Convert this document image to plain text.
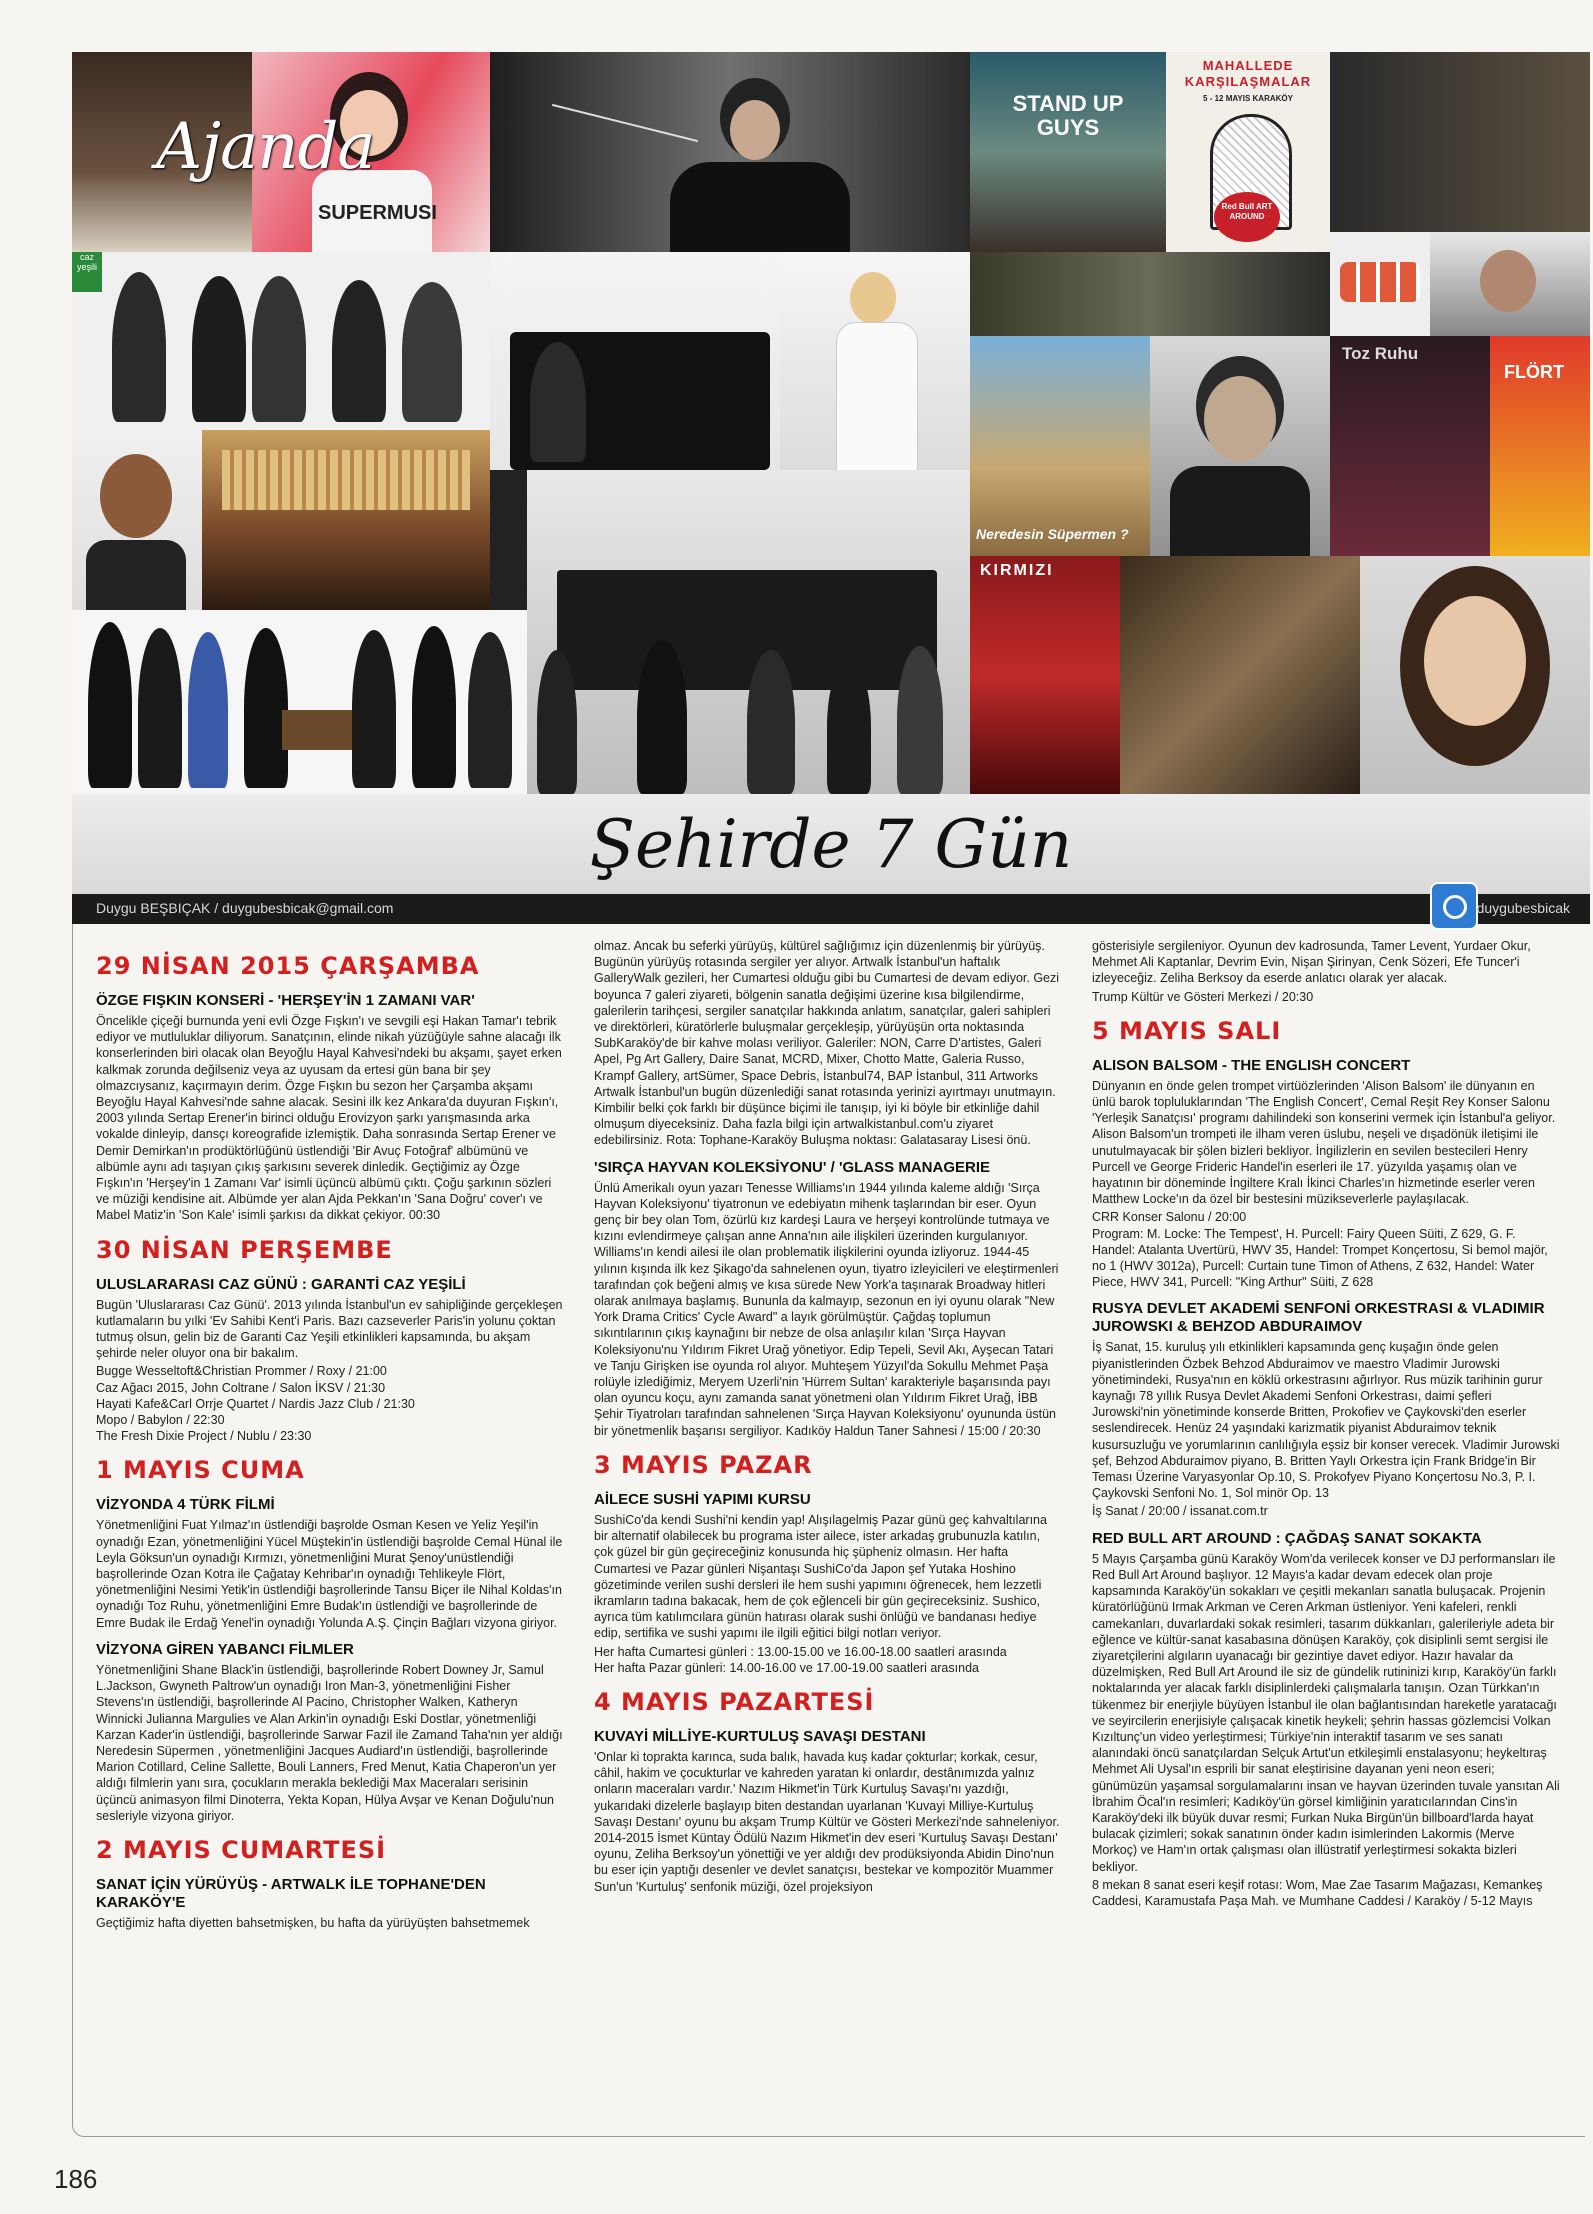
SUPERMUSI
STAND UP GUYS
MAHALLEDE KARŞILAŞMALAR
5 - 12 MAYIS KARAKÖY
Red Bull ART AROUND
caz yeşili
Neredesin Süpermen ?
Toz Ruhu
FLÖRT
KIRMIZI
Ajanda
Şehirde 7 Gün
Duygu BEŞBIÇAK / duygubesbicak@gmail.com	duygubesbicak
29 NİSAN 2015 ÇARŞAMBA
ÖZGE FIŞKIN KONSERİ - 'HERŞEY'İN 1 ZAMANI VAR'
Öncelikle çiçeği burnunda yeni evli Özge Fışkın'ı ve sevgili eşi Hakan Tamar'ı tebrik ediyor ve mutluluklar diliyorum. Sanatçının, elinde nikah yüzüğüyle sahne alacağı ilk konserlerinden biri olacak olan Beyoğlu Hayal Kahvesi'ndeki bu akşamı, şayet erken kalkmak zorunda değilseniz veya az uyusam da ertesi gün bana bir şey olmazcıysanız, kaçırmayın derim. Özge Fışkın bu sezon her Çarşamba akşamı Beyoğlu Hayal Kahvesi'nde sahne alacak. Sesini ilk kez Ankara'da duyuran Fışkın'ı, 2003 yılında Sertap Erener'in birinci olduğu Erovizyon şarkı yarışmasında arka vokalde dinleyip, dansçı koreografide izlemiştik. Daha sonrasında Sertap Erener ve Demir Demirkan'ın prodüktörlüğünü üstlendiği 'Bir Avuç Fotoğraf' albümünü ve albümle aynı adı taşıyan çıkış şarkısını severek dinledik. Geçtiğimiz ay Özge Fışkın'ın 'Herşey'in 1 Zamanı Var' isimli üçüncü albümü çıktı. Çoğu şarkının sözleri ve müziği kendisine ait. Albümde yer alan Ajda Pekkan'ın 'Sana Doğru' cover'ı ve Mabel Matiz'in 'Son Kale' isimli şarkısı da dikkat çekiyor. 00:30
30 NİSAN PERŞEMBE
ULUSLARARASI CAZ GÜNÜ : GARANTİ CAZ YEŞİLİ
Bugün 'Uluslararası Caz Günü'. 2013 yılında İstanbul'un ev sahipliğinde gerçekleşen kutlamaların bu yılki 'Ev Sahibi Kent'i Paris. Bazı cazseverler Paris'in yolunu çoktan tutmuş olsun, gelin biz de Garanti Caz Yeşili etkinlikleri kapsamında, bu akşam şehirde neler oluyor ona bir bakalım.
Bugge Wesseltoft&Christian Prommer / Roxy / 21:00
Caz Ağacı 2015, John Coltrane / Salon İKSV / 21:30
Hayati Kafe&Carl Orrje Quartet / Nardis Jazz Club / 21:30
Mopo / Babylon / 22:30
The Fresh Dixie Project / Nublu / 23:30
1 MAYIS CUMA
VİZYONDA 4 TÜRK FİLMİ
Yönetmenliğini Fuat Yılmaz'ın üstlendiği başrolde Osman Kesen ve Yeliz Yeşil'in oynadığı Ezan, yönetmenliğini Yücel Müştekin'in üstlendiği başrolde Cemal Hünal ile Leyla Göksun'un oynadığı Kırmızı, yönetmenliğini Murat Şenoy'unüstlendiği başrollerinde Ozan Kotra ile Çağatay Kehribar'ın oynadığı Tehlikeyle Flört, yönetmenliğini Nesimi Yetik'in üstlendiği başrollerinde Tansu Biçer ile Nihal Koldas'ın oynadığı Toz Ruhu, yönetmenliğini Emre Budak'ın üstlendiği ve başrollerinde de Emre Budak ile Erdağ Yenel'in oynadığı Yolunda A.Ş. Çinçin Bağları vizyona giriyor.
VİZYONA GİREN YABANCI FİLMLER
Yönetmenliğini Shane Black'in üstlendiği, başrollerinde Robert Downey Jr, Samul L.Jackson, Gwyneth Paltrow'un oynadığı Iron Man-3, yönetmenliğini Fisher Stevens'ın üstlendiği, başrollerinde Al Pacino, Christopher Walken, Katheryn Winnicki Julianna Margulies ve Alan Arkin'in oynadığı Eski Dostlar, yönetmenliği Karzan Kader'in üstlendiği, başrollerinde Sarwar Fazil ile Zamand Taha'nın yer aldığı Neredesin Süpermen , yönetmenliğini Jacques Audiard'ın üstlendiği, başrollerinde Marion Cotillard, Celine Sallette, Bouli Lanners, Fred Menut, Katia Chaperon'un yer aldığı filmlerin yanı sıra, çocukların merakla beklediği Max Maceraları serisinin üçüncü animasyon filmi Dinoterra, Yekta Kopan, Hülya Avşar ve Kenan Doğulu'nun sesleriyle vizyona giriyor.
2 MAYIS CUMARTESİ
SANAT İÇİN YÜRÜYÜŞ - ARTWALK İLE TOPHANE'DEN KARAKÖY'E
Geçtiğimiz hafta diyetten bahsetmişken, bu hafta da yürüyüşten bahsetmemek
olmaz. Ancak bu seferki yürüyüş, kültürel sağlığımız için düzenlenmiş bir yürüyüş. Bugünün yürüyüş rotasında sergiler yer alıyor. Artwalk İstanbul'un haftalık GalleryWalk gezileri, her Cumartesi olduğu gibi bu Cumartesi de devam ediyor. Gezi boyunca 7 galeri ziyareti, bölgenin sanatla değişimi üzerine kısa bilgilendirme, galerilerin tarihçesi, sergiler sanatçılar hakkında anlatım, sanatçılar, galeri sahipleri ve direktörleri, küratörlerle buluşmalar gerçekleşip, yürüyüşün orta noktasında SubKaraköy'de bir kahve molası veriliyor. Galeriler: NON, Carre D'artistes, Galeri Apel, Pg Art Gallery, Daire Sanat, MCRD, Mixer, Chotto Matte, Galeria Russo, Krampf Gallery, artSümer, Space Debris, İstanbul74, BAP İstanbul, 311 Artworks Artwalk İstanbul'un bugün düzenlediği sanat rotasında yerinizi ayırtmayı unutmayın. Kimbilir belki çok farklı bir düşünce biçimi ile tanışıp, iyi ki böyle bir etkinliğe dahil olmuşum diyeceksiniz. Daha fazla bilgi için artwalkistanbul.com'u ziyaret edebilirsiniz. Rota: Tophane-Karaköy Buluşma noktası: Galatasaray Lisesi önü.
'SIRÇA HAYVAN KOLEKSİYONU' / 'GLASS MANAGERIE
Ünlü Amerikalı oyun yazarı Tenesse Williams'ın 1944 yılında kaleme aldığı 'Sırça Hayvan Koleksiyonu' tiyatronun ve edebiyatın mihenk taşlarından bir eser. Oyun genç bir bey olan Tom, özürlü kız kardeşi Laura ve herşeyi kontrolünde tutmaya ve kızını evlendirmeye çalışan anne Anna'nın aile ilişkileri üzerinden kurgulanıyor. Williams'ın kendi ailesi ile olan problematik ilişkilerini oyunda izliyoruz. 1944-45 yılının kışında ilk kez Şikago'da sahnelenen oyun, tiyatro izleyicileri ve eleştirmenleri tarafından çok beğeni almış ve kısa sürede New York'a taşınarak Broadway hitleri olarak anılmaya başlamış. Bununla da kalmayıp, sezonun en iyi oyunu olarak "New York Drama Critics' Cycle Award" a layık görülmüştür. Çağdaş toplumun sıkıntılarının çıkış kaynağını bir nebze de olsa anlaşılır kılan 'Sırça Hayvan Koleksiyonu'nu Yıldırım Fikret Urağ yönetiyor. Edip Tepeli, Sevil Akı, Ayşecan Tatari ve Tanju Girişken ise oyunda rol alıyor. Muhteşem Yüzyıl'da Sokullu Mehmet Paşa rolüyle izlediğimiz, Meryem Uzerli'nin 'Hürrem Sultan' karakteriyle başarısında payı olan oyuncu koçu, aynı zamanda sanat yönetmeni olan Yıldırım Fikret Urağ, İBB Şehir Tiyatroları tarafından sahnelenen 'Sırça Hayvan Koleksiyonu' oyununda üstün bir yönetmenlik başarısı sergiliyor. Kadıköy Haldun Taner Sahnesi / 15:00 / 20:30
3 MAYIS PAZAR
AİLECE SUSHİ YAPIMI KURSU
SushiCo'da kendi Sushi'ni kendin yap! Alışılagelmiş Pazar günü geç kahvaltılarına bir alternatif olabilecek bu programa ister ailece, ister arkadaş grubunuzla katılın, çok güzel bir gün geçireceğiniz konusunda hiç şüpheniz olmasın. Her hafta Cumartesi ve Pazar günleri Nişantaşı SushiCo'da Japon şef Yutaka Hoshino gözetiminde verilen sushi dersleri ile hem sushi yapımını öğrenecek, hem lezzetli ikramların tadına bakacak, hem de çok eğlenceli bir gün geçireceksiniz. Sushico, ayrıca tüm katılımcılara günün hatırası olarak sushi önlüğü ve bandanası hediye edip, sertifika ve sushi yapımı ile ilgili eğitici bilgi notları veriyor.
Her hafta Cumartesi günleri : 13.00-15.00 ve 16.00-18.00 saatleri arasında
Her hafta Pazar günleri: 14.00-16.00 ve 17.00-19.00 saatleri arasında
4 MAYIS PAZARTESİ
KUVAYİ MİLLİYE-KURTULUŞ SAVAŞI DESTANI
'Onlar ki toprakta karınca, suda balık, havada kuş kadar çokturlar; korkak, cesur, câhil, hakim ve çocukturlar ve kahreden yaratan ki onlardır, destânımızda yalnız onların maceraları vardır.' Nazım Hikmet'in Türk Kurtuluş Savaşı'nı yazdığı, yukarıdaki dizelerle başlayıp biten destandan uyarlanan 'Kuvayi Milliye-Kurtuluş Savaşı Destanı' oyunu bu akşam Trump Kültür ve Gösteri Merkezi'nde sahneleniyor. 2014-2015 İsmet Küntay Ödülü Nazım Hikmet'in dev eseri 'Kurtuluş Savaşı Destanı' oyunu, Zeliha Berksoy'un yönettiği ve yer aldığı dev prodüksiyonda Abidin Dino'nun bu eser için yaptığı desenler ve devlet sanatçısı, bestekar ve kompozitör Muammer Sun'un 'Kurtuluş' senfonik müziği, özel projeksiyon
gösterisiyle sergileniyor. Oyunun dev kadrosunda, Tamer Levent, Yurdaer Okur, Mehmet Ali Kaptanlar, Devrim Evin, Nişan Şirinyan, Cenk Sözeri, Efe Tuncer'i izleyeceğiz. Zeliha Berksoy da eserde anlatıcı olarak yer alacak.
Trump Kültür ve Gösteri Merkezi / 20:30
5 MAYIS SALI
ALISON BALSOM - THE ENGLISH CONCERT
Dünyanın en önde gelen trompet virtüözlerinden 'Alison Balsom' ile dünyanın en ünlü barok topluluklarından 'The English Concert', Cemal Reşit Rey Konser Salonu 'Yerleşik Sanatçısı' programı dahilindeki son konserini vermek için İstanbul'a geliyor. Alison Balsom'un trompeti ile ilham veren üslubu, neşeli ve dışadönük iletişimi ile unutulmayacak bir şölen bizleri bekliyor. İngilizlerin en sevilen bestecileri Henry Purcell ve George Frideric Handel'in eserleri ile 17. yüzyılda yaşamış olan ve hayatının bir döneminde İngiltere Kralı İkinci Charles'ın hizmetinde eserler veren Matthew Locke'ın da özel bir bestesini müzikseverlerle paylaşılacak.
CRR Konser Salonu / 20:00
Program: M. Locke: The Tempest', H. Purcell: Fairy Queen Süiti, Z 629, G. F. Handel: Atalanta Uvertürü, HWV 35, Handel: Trompet Konçertosu, Si bemol majör, no 1 (HWV 3012a), Purcell: Curtain tune Timon of Athens, Z 632, Handel: Water Piece, HWV 341, Purcell: "King Arthur" Süiti, Z 628
RUSYA DEVLET AKADEMİ SENFONİ ORKESTRASI & VLADIMIR JUROWSKI & BEHZOD ABDURAIMOV
İş Sanat, 15. kuruluş yılı etkinlikleri kapsamında genç kuşağın önde gelen piyanistlerinden Özbek Behzod Abduraimov ve maestro Vladimir Jurowski yönetimindeki, Rusya'nın en köklü orkestrasını ağırlıyor. Rus müzik tarihinin gurur kaynağı 78 yıllık Rusya Devlet Akademi Senfoni Orkestrası, daimi şefleri Jurowski'nin yönetiminde konserde Britten, Prokofiev ve Çaykovski'den eserler seslendirecek. Henüz 24 yaşındaki karizmatik piyanist Abduraimov teknik kusursuzluğu ve yorumlarının canlılığıyla eşsiz bir konser verecek. Vladimir Jurowski şef, Behzod Abduraimov piyano, B. Britten Yaylı Orkestra için Frank Bridge'in Bir Teması Üzerine Varyasyonlar Op.10, S. Prokofyev Piyano Konçertosu No.3, P. I. Çaykovski Senfoni No. 1, Sol minör Op. 13
İş Sanat / 20:00 / issanat.com.tr
RED BULL ART AROUND : ÇAĞDAŞ SANAT SOKAKTA
5 Mayıs Çarşamba günü Karaköy Wom'da verilecek konser ve DJ performansları ile Red Bull Art Around başlıyor. 12 Mayıs'a kadar devam edecek olan proje kapsamında Karaköy'ün sokakları ve çeşitli mekanları sanatla buluşacak. Projenin küratörlüğünü Irmak Arkman ve Ceren Arkman üstleniyor. Yeni kafeleri, renkli camekanları, duvarlardaki sokak resimleri, tasarım dükkanları, galerileriyle adeta bir eğlence ve kültür-sanat kasabasına dönüşen Karaköy, çok disiplinli semt sergisi ile ziyaretçilerini algıların uyanacağı bir gezintiye davet ediyor. Hazır havalar da düzelmişken, Red Bull Art Around ile siz de gündelik rutininizi kırıp, Karaköy'ün farklı noktalarında yer alacak farklı disiplinlerdeki çalışmalarla tanışın. Ozan Türkkan'ın tükenmez bir enerjiyle büyüyen İstanbul ile olan bağlantısından hareketle yaratacağı ve seyircilerin enerjisiyle çalışacak kinetik heykeli; şehrin hassas gözlemcisi Volkan Kızıltunç'un video yerleştirmesi; Türkiye'nin interaktif tasarım ve ses sanatı alanındaki öncü sanatçılardan Selçuk Artut'un etkileşimli enstalasyonu; heykeltıraş Mehmet Ali Uysal'ın esprili bir sanat eleştirisine dayanan yeni neon eseri; günümüzün yaşamsal sorgulamalarını insan ve hayvan üzerinden tuvale yansıtan Ali İbrahim Öcal'ın resimleri; Kadıköy'ün görsel kimliğinin yaratıcılarından Cins'in Karaköy'deki ilk büyük duvar resmi; Furkan Nuka Birgün'ün billboard'larda hayat bulacak çizimleri; sokak sanatının önder kadın isimlerinden Lakormis (Merve Morkoç) ve Ham'ın ortak çalışması olan illüstratif yerleştirmesi sokakta bizleri bekliyor.
8 mekan 8 sanat eseri keşif rotası: Wom, Mae Zae Tasarım Mağazası, Kemankeş Caddesi, Karamustafa Paşa Mah. ve Mumhane Caddesi / Karaköy / 5-12 Mayıs
186
